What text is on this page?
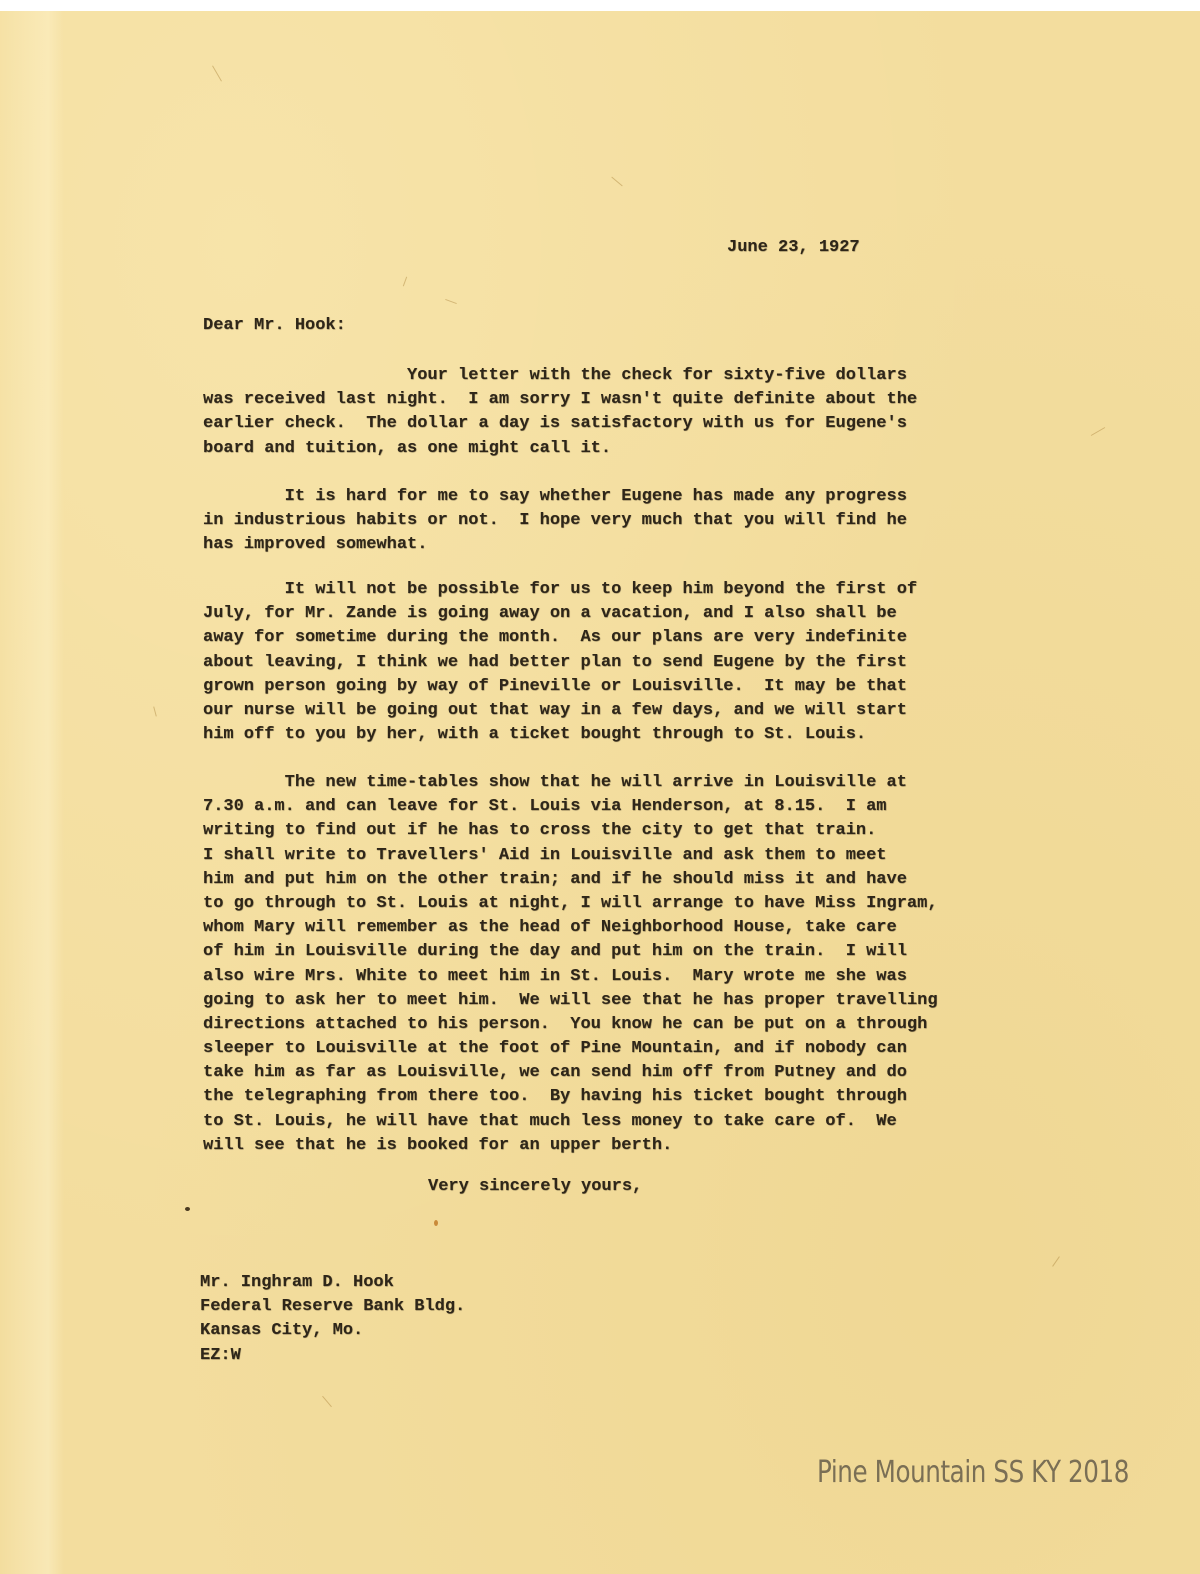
June 23, 1927
Dear Mr. Hook:
Your letter with the check for sixty-five dollars
was received last night.  I am sorry I wasn't quite definite about the
earlier check.  The dollar a day is satisfactory with us for Eugene's
board and tuition, as one might call it.
It is hard for me to say whether Eugene has made any progress
in industrious habits or not.  I hope very much that you will find he
has improved somewhat.
It will not be possible for us to keep him beyond the first of
July, for Mr. Zande is going away on a vacation, and I also shall be
away for sometime during the month.  As our plans are very indefinite
about leaving, I think we had better plan to send Eugene by the first
grown person going by way of Pineville or Louisville.  It may be that
our nurse will be going out that way in a few days, and we will start
him off to you by her, with a ticket bought through to St. Louis.
The new time-tables show that he will arrive in Louisville at
7.30 a.m. and can leave for St. Louis via Henderson, at 8.15.  I am
writing to find out if he has to cross the city to get that train.
I shall write to Travellers' Aid in Louisville and ask them to meet
him and put him on the other train; and if he should miss it and have
to go through to St. Louis at night, I will arrange to have Miss Ingram,
whom Mary will remember as the head of Neighborhood House, take care
of him in Louisville during the day and put him on the train.  I will
also wire Mrs. White to meet him in St. Louis.  Mary wrote me she was
going to ask her to meet him.  We will see that he has proper travelling
directions attached to his person.  You know he can be put on a through
sleeper to Louisville at the foot of Pine Mountain, and if nobody can
take him as far as Louisville, we can send him off from Putney and do
the telegraphing from there too.  By having his ticket bought through
to St. Louis, he will have that much less money to take care of.  We
will see that he is booked for an upper berth.
Very sincerely yours,
Mr. Inghram D. Hook
Federal Reserve Bank Bldg.
Kansas City, Mo.
EZ:W
Pine Mountain SS KY 2018
